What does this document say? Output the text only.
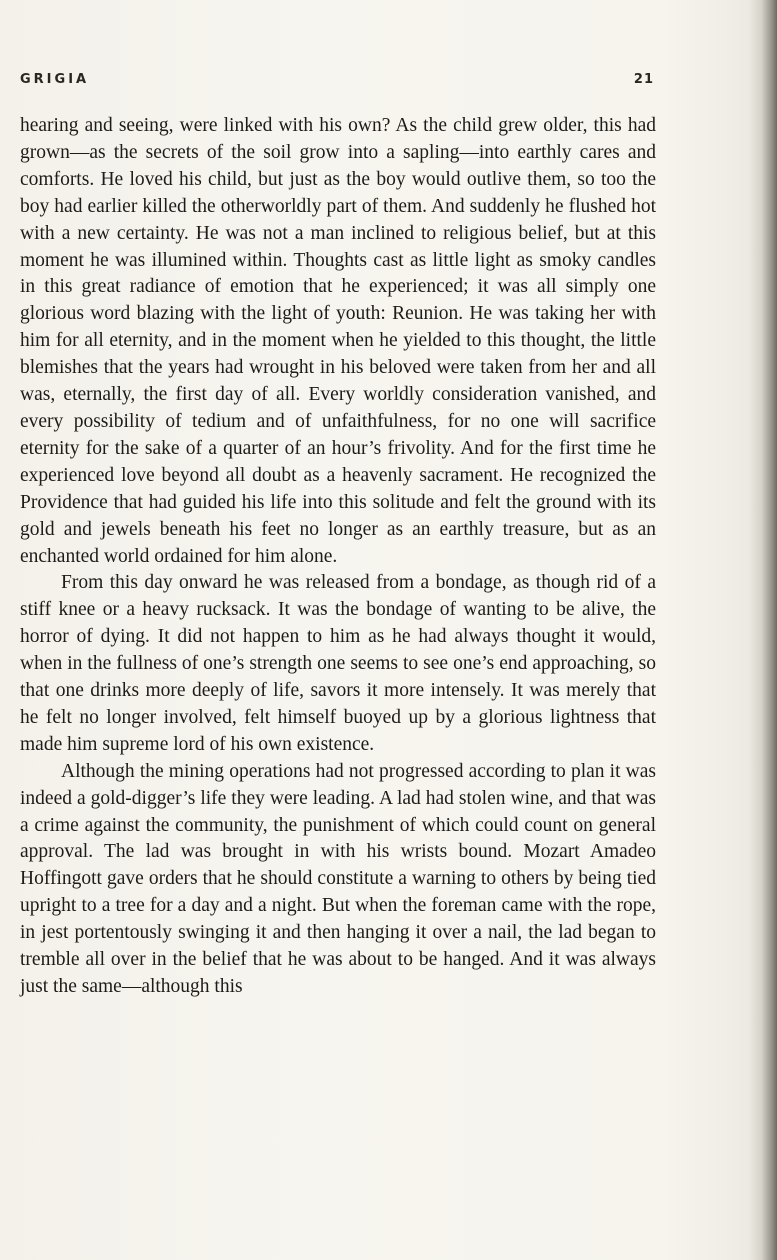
GRIGIA	21

hearing and seeing, were linked with his own? As the child grew older, this had grown—as the secrets of the soil grow into a sapling—into earthly cares and comforts. He loved his child, but just as the boy would outlive them, so too the boy had earlier killed the otherworldly part of them. And suddenly he flushed hot with a new certainty. He was not a man inclined to religious belief, but at this moment he was illumined within. Thoughts cast as little light as smoky candles in this great radiance of emotion that he experienced; it was all simply one glorious word blazing with the light of youth: Reunion. He was taking her with him for all eternity, and in the moment when he yielded to this thought, the little blemishes that the years had wrought in his beloved were taken from her and all was, eternally, the first day of all. Every worldly consideration vanished, and every possibility of tedium and of unfaithfulness, for no one will sacrifice eternity for the sake of a quarter of an hour’s frivolity. And for the first time he experienced love beyond all doubt as a heavenly sacrament. He recognized the Providence that had guided his life into this solitude and felt the ground with its gold and jewels beneath his feet no longer as an earthly treasure, but as an enchanted world ordained for him alone.

From this day onward he was released from a bondage, as though rid of a stiff knee or a heavy rucksack. It was the bondage of wanting to be alive, the horror of dying. It did not happen to him as he had always thought it would, when in the fullness of one’s strength one seems to see one’s end approaching, so that one drinks more deeply of life, savors it more intensely. It was merely that he felt no longer involved, felt himself buoyed up by a glorious lightness that made him supreme lord of his own existence.

Although the mining operations had not progressed according to plan it was indeed a gold-digger’s life they were leading. A lad had stolen wine, and that was a crime against the community, the punishment of which could count on general approval. The lad was brought in with his wrists bound. Mozart Amadeo Hoffingott gave orders that he should constitute a warning to others by being tied upright to a tree for a day and a night. But when the foreman came with the rope, in jest portentously swinging it and then hanging it over a nail, the lad began to tremble all over in the belief that he was about to be hanged. And it was always just the same—although this
